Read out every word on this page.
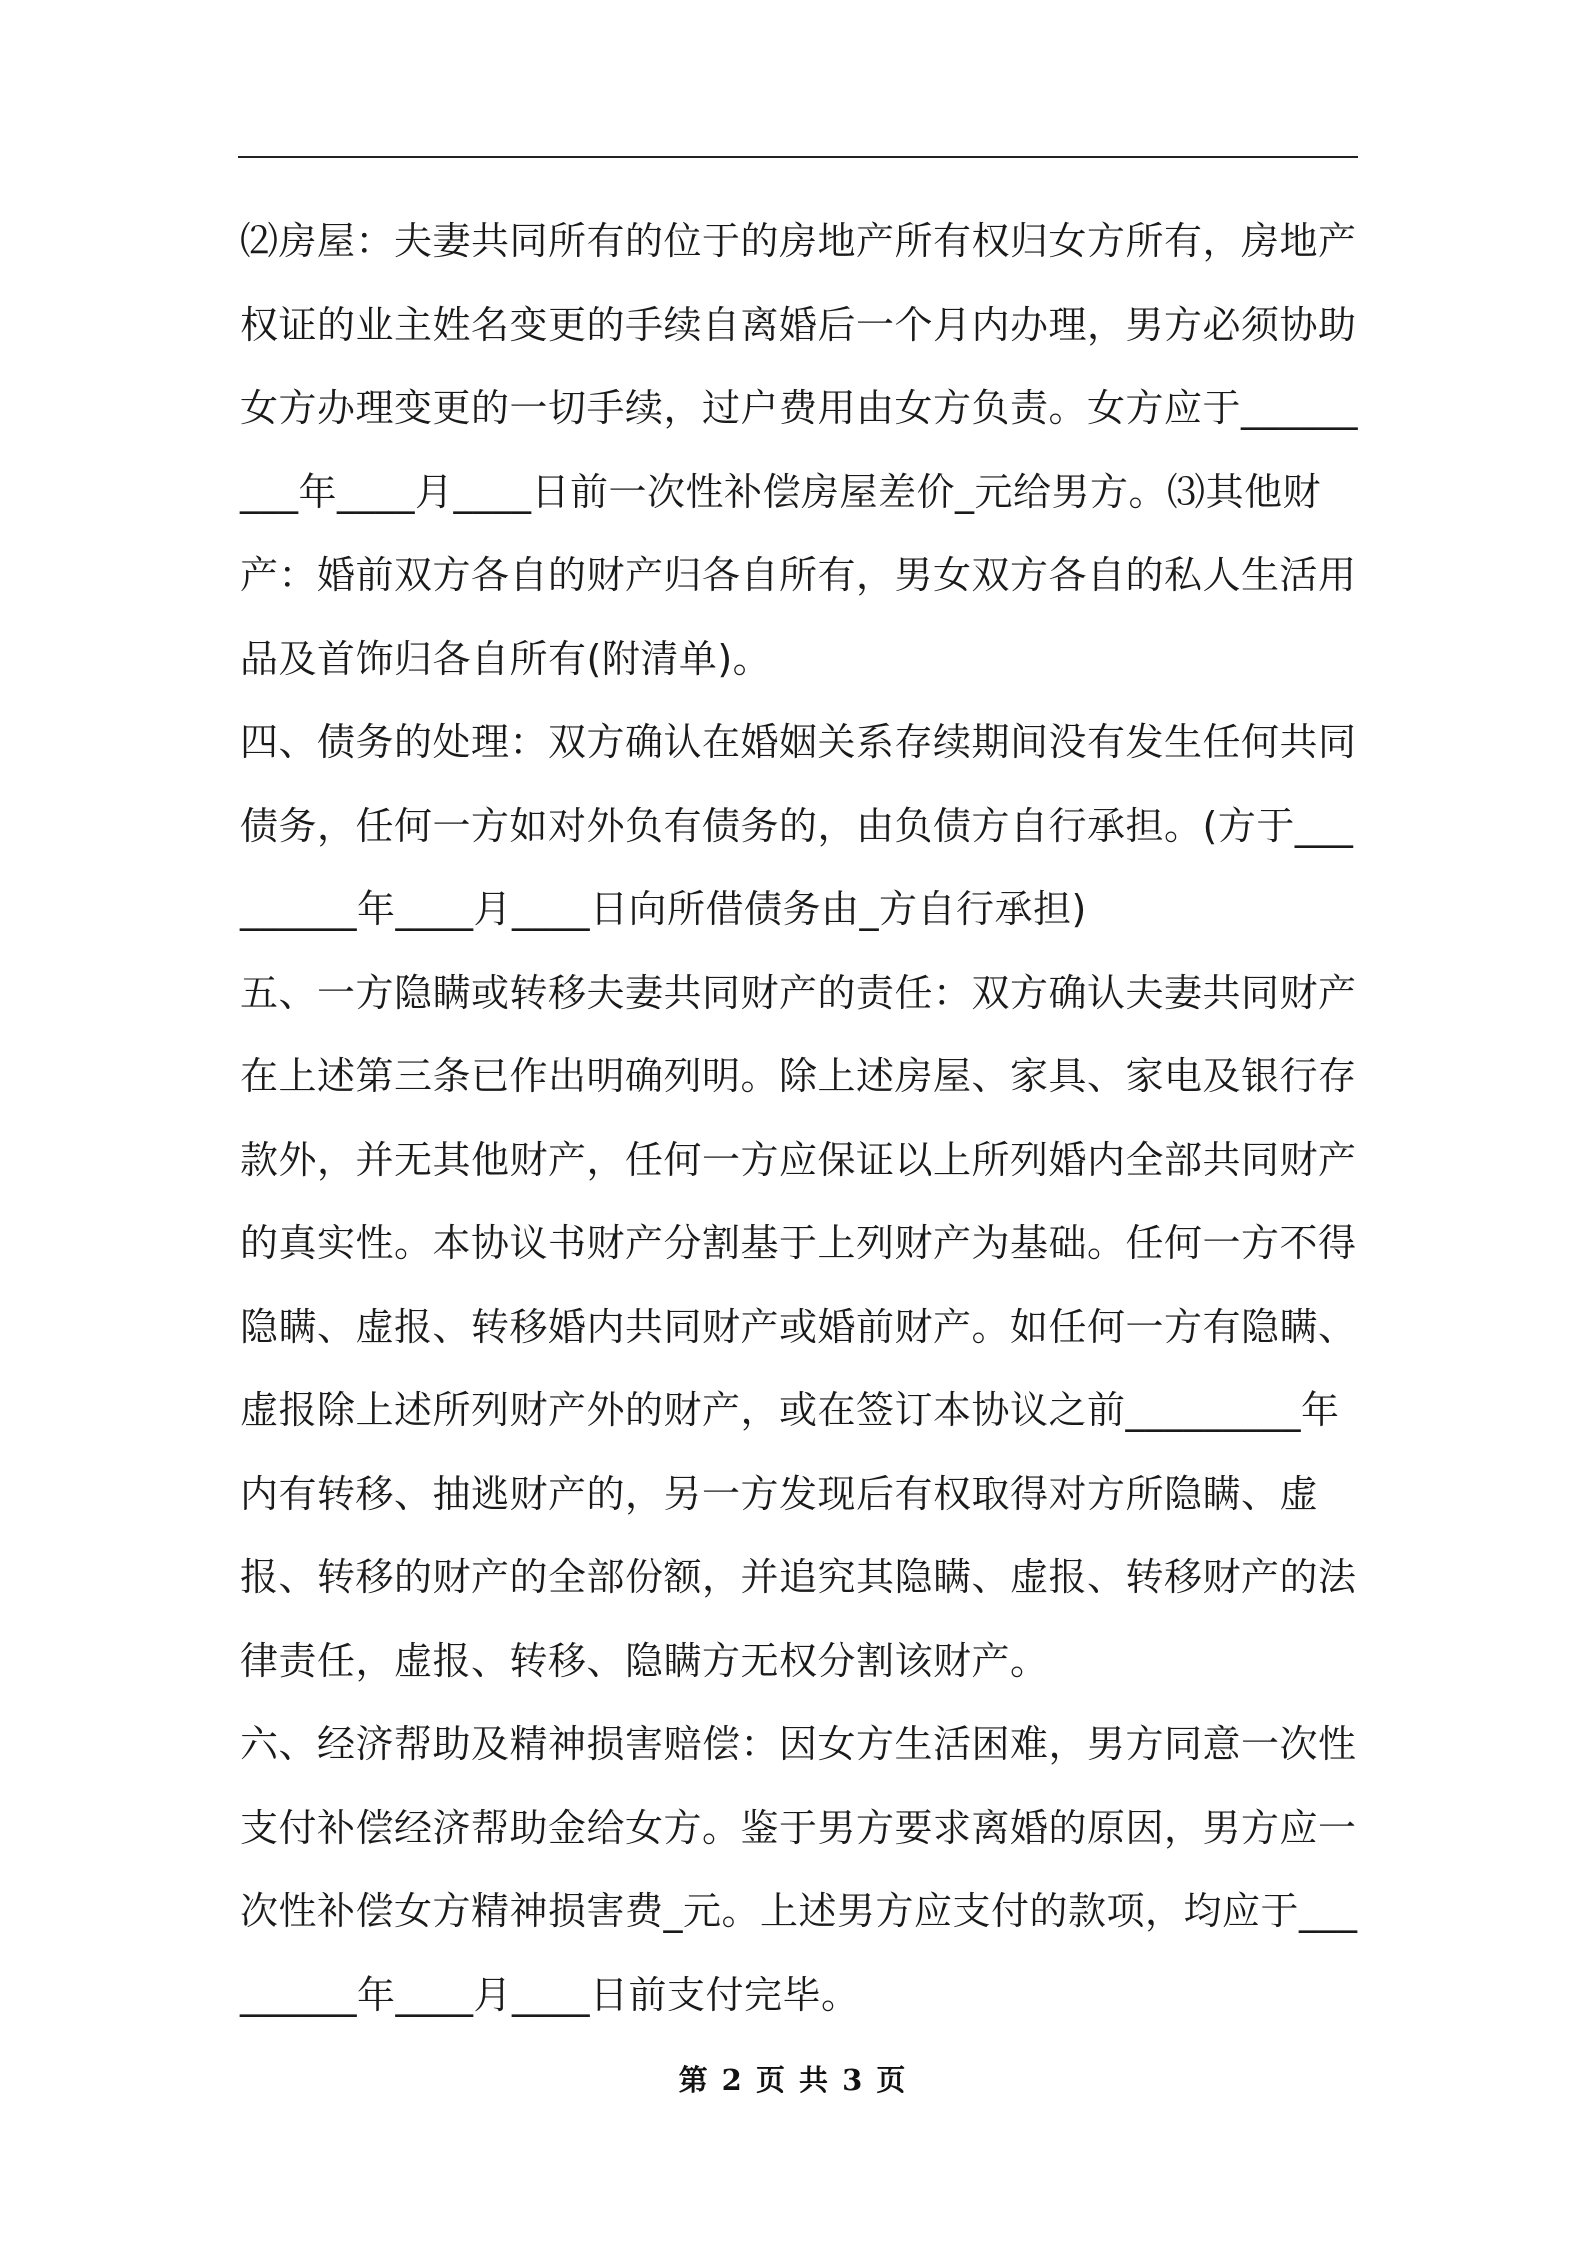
⑵房屋：夫妻共同所有的位于的房地产所有权归女方所有，房地产权证的业主姓名变更的手续自离婚后一个月内办理，男方必须协助女方办理变更的一切手续，过户费用由女方负责。女方应于_________年____月____日前一次性补偿房屋差价_元给男方。⑶其他财产：婚前双方各自的财产归各自所有，男女双方各自的私人生活用品及首饰归各自所有(附清单)。

四、债务的处理：双方确认在婚姻关系存续期间没有发生任何共同债务，任何一方如对外负有债务的，由负债方自行承担。(方于_________年____月____日向所借债务由_方自行承担)

五、一方隐瞒或转移夫妻共同财产的责任：双方确认夫妻共同财产在上述第三条已作出明确列明。除上述房屋、家具、家电及银行存款外，并无其他财产，任何一方应保证以上所列婚内全部共同财产的真实性。本协议书财产分割基于上列财产为基础。任何一方不得隐瞒、虚报、转移婚内共同财产或婚前财产。如任何一方有隐瞒、虚报除上述所列财产外的财产，或在签订本协议之前_________年内有转移、抽逃财产的，另一方发现后有权取得对方所隐瞒、虚报、转移的财产的全部份额，并追究其隐瞒、虚报、转移财产的法律责任，虚报、转移、隐瞒方无权分割该财产。

六、经济帮助及精神损害赔偿：因女方生活困难，男方同意一次性支付补偿经济帮助金给女方。鉴于男方要求离婚的原因，男方应一次性补偿女方精神损害费_元。上述男方应支付的款项，均应于_________年____月____日前支付完毕。

第 2 页 共 3 页
